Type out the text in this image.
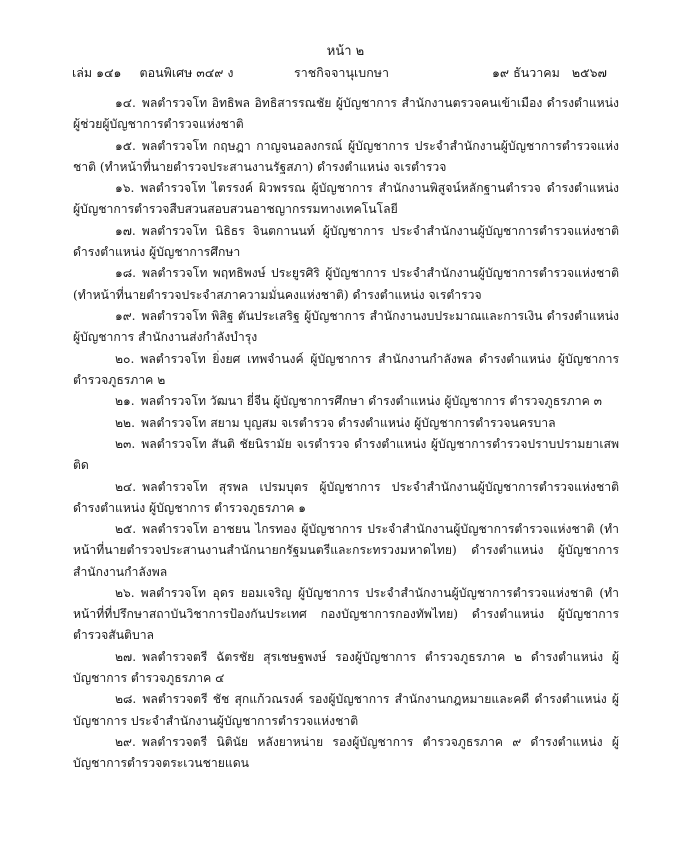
หน้า ๒
เล่ม ๑๔๑ ตอนพิเศษ ๓๔๙ ง	ราชกิจจานุเบกษา	๑๙ ธันวาคม ๒๕๖๗

๑๔. พลตำรวจโท อิทธิพล อิทธิสารรณชัย ผู้บัญชาการ สำนักงานตรวจคนเข้าเมือง ดำรงตำแหน่ง ผู้ช่วยผู้บัญชาการตำรวจแห่งชาติ

๑๕. พลตำรวจโท กฤษฎา กาญจนอลงกรณ์ ผู้บัญชาการ ประจำสำนักงานผู้บัญชาการตำรวจแห่งชาติ (ทำหน้าที่นายตำรวจประสานงานรัฐสภา) ดำรงตำแหน่ง จเรตำรวจ

๑๖. พลตำรวจโท ไตรรงค์ ผิวพรรณ ผู้บัญชาการ สำนักงานพิสูจน์หลักฐานตำรวจ ดำรงตำแหน่ง ผู้บัญชาการตำรวจสืบสวนสอบสวนอาชญากรรมทางเทคโนโลยี

๑๗. พลตำรวจโท นิธิธร จินตกานนท์ ผู้บัญชาการ ประจำสำนักงานผู้บัญชาการตำรวจแห่งชาติ ดำรงตำแหน่ง ผู้บัญชาการศึกษา

๑๘. พลตำรวจโท พฤทธิพงษ์ ประยูรศิริ ผู้บัญชาการ ประจำสำนักงานผู้บัญชาการตำรวจแห่งชาติ (ทำหน้าที่นายตำรวจประจำสภาความมั่นคงแห่งชาติ) ดำรงตำแหน่ง จเรตำรวจ

๑๙. พลตำรวจโท พิสิฐ ตันประเสริฐ ผู้บัญชาการ สำนักงานงบประมาณและการเงิน ดำรงตำแหน่ง ผู้บัญชาการ สำนักงานส่งกำลังบำรุง

๒๐. พลตำรวจโท ยิ่งยศ เทพจำนงค์ ผู้บัญชาการ สำนักงานกำลังพล ดำรงตำแหน่ง ผู้บัญชาการ ตำรวจภูธรภาค ๒

๒๑. พลตำรวจโท วัฒนา ยี่จีน ผู้บัญชาการศึกษา ดำรงตำแหน่ง ผู้บัญชาการ ตำรวจภูธรภาค ๓

๒๒. พลตำรวจโท สยาม บุญสม จเรตำรวจ ดำรงตำแหน่ง ผู้บัญชาการตำรวจนครบาล

๒๓. พลตำรวจโท สันติ ชัยนิรามัย จเรตำรวจ ดำรงตำแหน่ง ผู้บัญชาการตำรวจปราบปรามยาเสพติด

๒๔. พลตำรวจโท สุรพล เปรมบุตร ผู้บัญชาการ ประจำสำนักงานผู้บัญชาการตำรวจแห่งชาติ ดำรงตำแหน่ง ผู้บัญชาการ ตำรวจภูธรภาค ๑

๒๕. พลตำรวจโท อาชยน ไกรทอง ผู้บัญชาการ ประจำสำนักงานผู้บัญชาการตำรวจแห่งชาติ (ทำหน้าที่นายตำรวจประสานงานสำนักนายกรัฐมนตรีและกระทรวงมหาดไทย) ดำรงตำแหน่ง ผู้บัญชาการ สำนักงานกำลังพล

๒๖. พลตำรวจโท อุดร ยอมเจริญ ผู้บัญชาการ ประจำสำนักงานผู้บัญชาการตำรวจแห่งชาติ (ทำหน้าที่ที่ปรึกษาสถาบันวิชาการป้องกันประเทศ กองบัญชาการกองทัพไทย) ดำรงตำแหน่ง ผู้บัญชาการตำรวจสันติบาล

๒๗. พลตำรวจตรี ฉัตรชัย สุรเชษฐพงษ์ รองผู้บัญชาการ ตำรวจภูธรภาค ๒ ดำรงตำแหน่ง ผู้บัญชาการ ตำรวจภูธรภาค ๔

๒๘. พลตำรวจตรี ชัช สุกแก้วณรงค์ รองผู้บัญชาการ สำนักงานกฎหมายและคดี ดำรงตำแหน่ง ผู้บัญชาการ ประจำสำนักงานผู้บัญชาการตำรวจแห่งชาติ

๒๙. พลตำรวจตรี นิตินัย หลังยาหน่าย รองผู้บัญชาการ ตำรวจภูธรภาค ๙ ดำรงตำแหน่ง ผู้บัญชาการตำรวจตระเวนชายแดน
